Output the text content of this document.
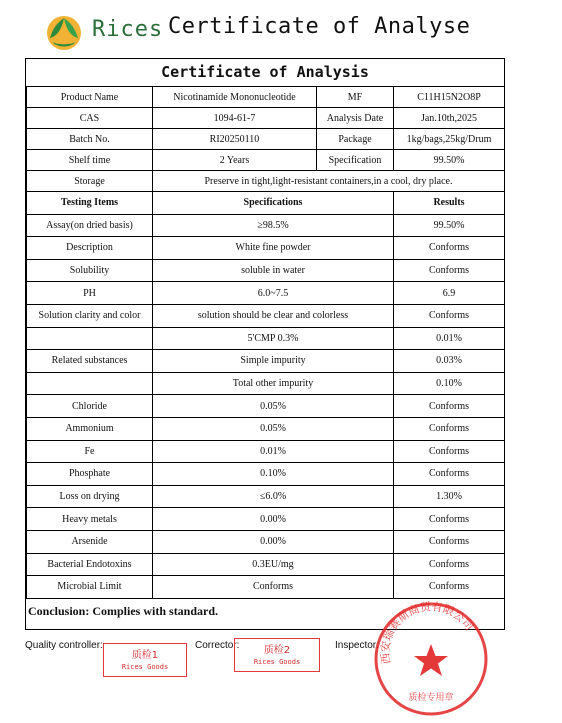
Rices Certificate of Analyse
Certificate of Analysis
Product Name	Nicotinamide Mononucleotide	MF	C11H15N2O8P
CAS	1094-61-7	Analysis Date	Jan.10th,2025
Batch No.	RI20250110	Package	1kg/bags,25kg/Drum
Shelf time	2 Years	Specification	99.50%
Storage	Preserve in tight,light-resistant containers,in a cool, dry place.		
Testing Items	Specifications		Results
Assay(on dried basis)	≥98.5%		99.50%
Description	White fine powder		Conforms
Solubility	soluble in water		Conforms
PH	6.0~7.5		6.9
Solution clarity and color	solution should be clear and colorless		Conforms
	5'CMP 0.3%		0.01%
Related substances	Simple impurity		0.03%
	Total other impurity		0.10%
Chloride	0.05%		Conforms
Ammonium	0.05%		Conforms
Fe	0.01%		Conforms
Phosphate	0.10%		Conforms
Loss on drying	≤6.0%		1.30%
Heavy metals	0.00%		Conforms
Arsenide	0.00%		Conforms
Bacterial Endotoxins	0.3EU/mg		Conforms
Microbial Limit	Conforms		Conforms
Conclusion: Complies with standard.
Quality controller:	Corrector:	Inspector:
质检1
Rices Goods
质检2
Rices Goods	西安瑞赛斯商贸有限公司
质检专用章
